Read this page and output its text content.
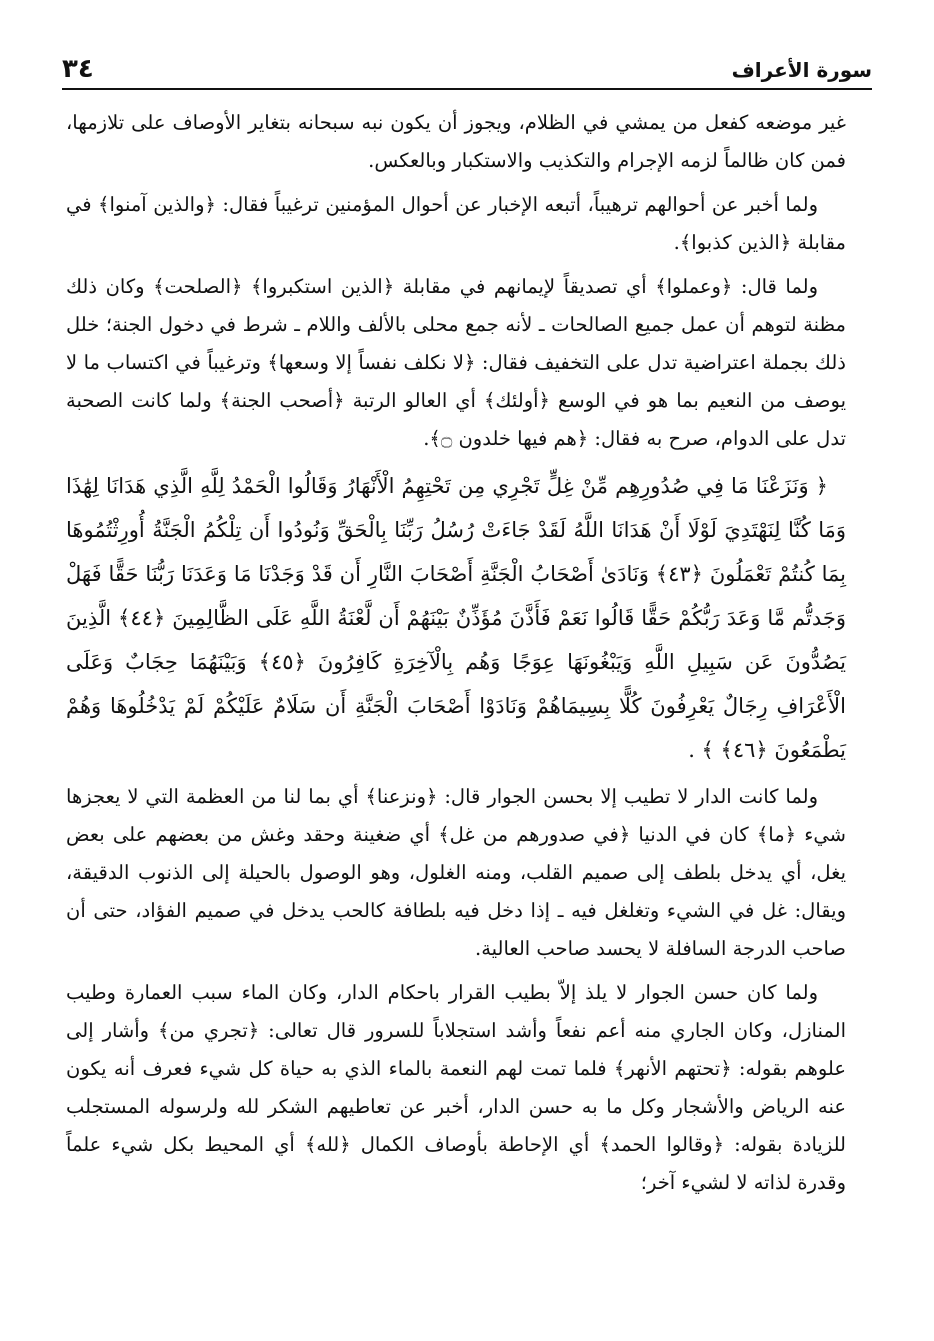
٣٤	سورة الأعراف

غير موضعه كفعل من يمشي في الظلام، ويجوز أن يكون نبه سبحانه بتغاير الأوصاف على تلازمها، فمن كان ظالماً لزمه الإجرام والتكذيب والاستكبار وبالعكس.

ولما أخبر عن أحوالهم ترهيباً، أتبعه الإخبار عن أحوال المؤمنين ترغيباً فقال: ﴿والذين آمنوا﴾ في مقابلة ﴿الذين كذبوا﴾.

ولما قال: ﴿وعملوا﴾ أي تصديقاً لإيمانهم في مقابلة ﴿الذين استكبروا﴾ ﴿الصلحت﴾ وكان ذلك مظنة لتوهم أن عمل جميع الصالحات ـ لأنه جمع محلى بالألف واللام ـ شرط في دخول الجنة؛ خلل ذلك بجملة اعتراضية تدل على التخفيف فقال: ﴿لا نكلف نفساً إلا وسعها﴾ وترغيباً في اكتساب ما لا يوصف من النعيم بما هو في الوسع ﴿أولئك﴾ أي العالو الرتبة ﴿أصحب الجنة﴾ ولما كانت الصحبة تدل على الدوام، صرح به فقال: ﴿هم فيها خلدون ۝﴾.

﴿ وَنَزَعْنَا مَا فِي صُدُورِهِم مِّنْ غِلٍّ تَجْرِي مِن تَحْتِهِمُ الْأَنْهَارُ وَقَالُوا الْحَمْدُ لِلَّهِ الَّذِي هَدَانَا لِهَٰذَا وَمَا كُنَّا لِنَهْتَدِيَ لَوْلَا أَنْ هَدَانَا اللَّهُ لَقَدْ جَاءَتْ رُسُلُ رَبِّنَا بِالْحَقِّ وَنُودُوا أَن تِلْكُمُ الْجَنَّةُ أُورِثْتُمُوهَا بِمَا كُنتُمْ تَعْمَلُونَ ﴿٤٣﴾ وَنَادَىٰ أَصْحَابُ الْجَنَّةِ أَصْحَابَ النَّارِ أَن قَدْ وَجَدْنَا مَا وَعَدَنَا رَبُّنَا حَقًّا فَهَلْ وَجَدتُّم مَّا وَعَدَ رَبُّكُمْ حَقًّا قَالُوا نَعَمْ فَأَذَّنَ مُؤَذِّنٌ بَيْنَهُمْ أَن لَّعْنَةُ اللَّهِ عَلَى الظَّالِمِينَ ﴿٤٤﴾ الَّذِينَ يَصُدُّونَ عَن سَبِيلِ اللَّهِ وَيَبْغُونَهَا عِوَجًا وَهُم بِالْآخِرَةِ كَافِرُونَ ﴿٤٥﴾ وَبَيْنَهُمَا حِجَابٌ وَعَلَى الْأَعْرَافِ رِجَالٌ يَعْرِفُونَ كُلًّا بِسِيمَاهُمْ وَنَادَوْا أَصْحَابَ الْجَنَّةِ أَن سَلَامٌ عَلَيْكُمْ لَمْ يَدْخُلُوهَا وَهُمْ يَطْمَعُونَ ﴿٤٦﴾ ﴾ .

ولما كانت الدار لا تطيب إلا بحسن الجوار قال: ﴿ونزعنا﴾ أي بما لنا من العظمة التي لا يعجزها شيء ﴿ما﴾ كان في الدنيا ﴿في صدورهم من غل﴾ أي ضغينة وحقد وغش من بعضهم على بعض يغل، أي يدخل بلطف إلى صميم القلب، ومنه الغلول، وهو الوصول بالحيلة إلى الذنوب الدقيقة، ويقال: غل في الشيء وتغلغل فيه ـ إذا دخل فيه بلطافة كالحب يدخل في صميم الفؤاد، حتى أن صاحب الدرجة السافلة لا يحسد صاحب العالية.

ولما كان حسن الجوار لا يلذ إلاّ بطيب القرار باحكام الدار، وكان الماء سبب العمارة وطيب المنازل، وكان الجاري منه أعم نفعاً وأشد استجلاباً للسرور قال تعالى: ﴿تجري من﴾ وأشار إلى علوهم بقوله: ﴿تحتهم الأنهر﴾ فلما تمت لهم النعمة بالماء الذي به حياة كل شيء فعرف أنه يكون عنه الرياض والأشجار وكل ما به حسن الدار، أخبر عن تعاطيهم الشكر لله ولرسوله المستجلب للزيادة بقوله: ﴿وقالوا الحمد﴾ أي الإحاطة بأوصاف الكمال ﴿لله﴾ أي المحيط بكل شيء علماً وقدرة لذاته لا لشيء آخر؛
